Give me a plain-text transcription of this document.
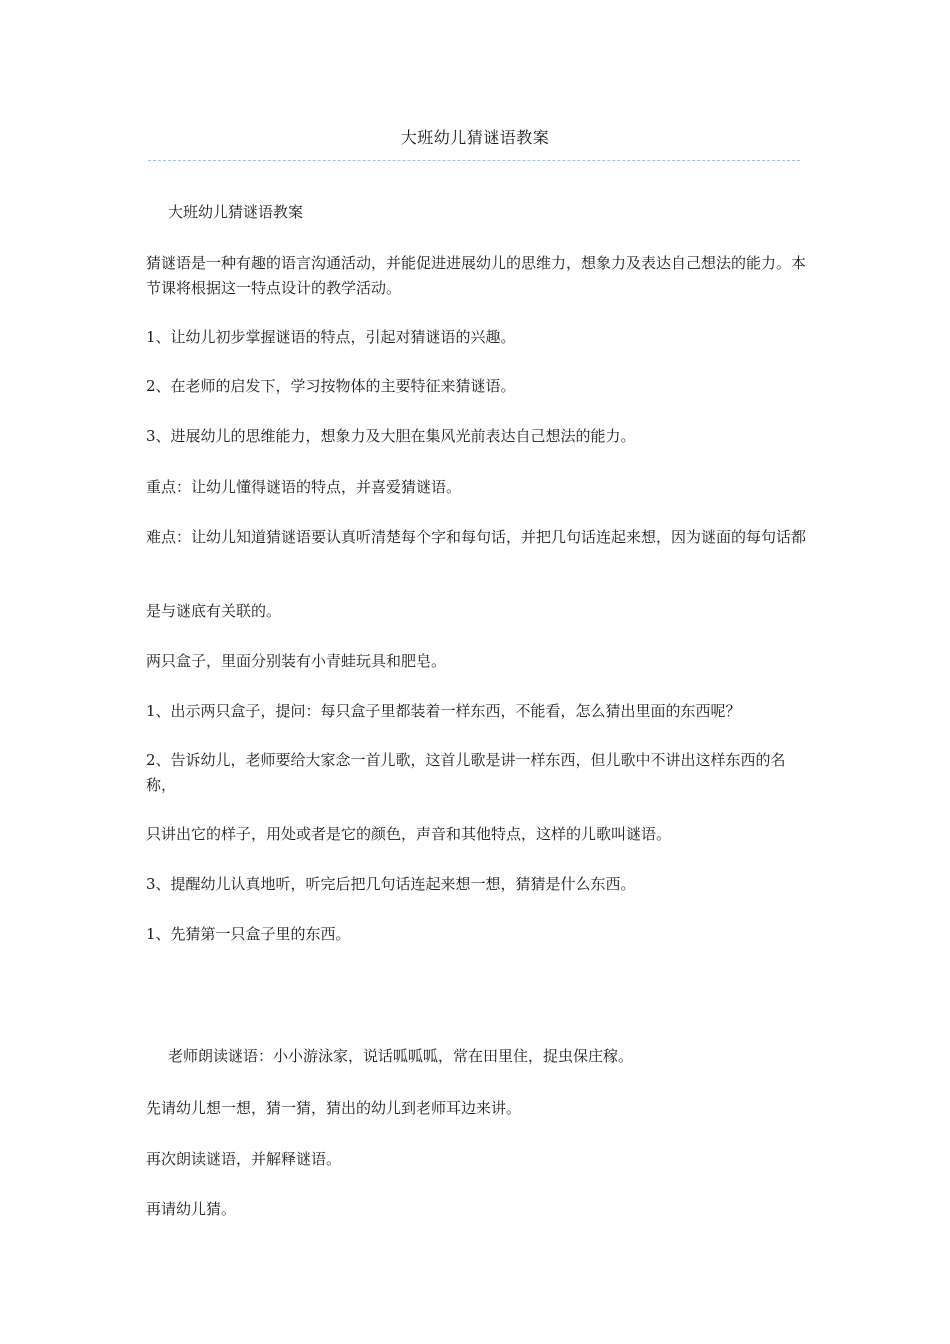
大班幼儿猜谜语教案

大班幼儿猜谜语教案

猜谜语是一种有趣的语言沟通活动，并能促进进展幼儿的思维力，想象力及表达自己想法的能力。本节课将根据这一特点设计的教学活动。

1、让幼儿初步掌握谜语的特点，引起对猜谜语的兴趣。

2、在老师的启发下，学习按物体的主要特征来猜谜语。

3、进展幼儿的思维能力，想象力及大胆在集风光前表达自己想法的能力。

重点：让幼儿懂得谜语的特点，并喜爱猜谜语。

难点：让幼儿知道猜谜语要认真听清楚每个字和每句话，并把几句话连起来想，因为谜面的每句话都

是与谜底有关联的。

两只盒子，里面分别装有小青蛙玩具和肥皂。

1、出示两只盒子，提问：每只盒子里都装着一样东西，不能看，怎么猜出里面的东西呢？

2、告诉幼儿，老师要给大家念一首儿歌，这首儿歌是讲一样东西，但儿歌中不讲出这样东西的名称，

只讲出它的样子，用处或者是它的颜色，声音和其他特点，这样的儿歌叫谜语。

3、提醒幼儿认真地听，听完后把几句话连起来想一想，猜猜是什么东西。

1、先猜第一只盒子里的东西。

老师朗读谜语：小小游泳家，说话呱呱呱，常在田里住，捉虫保庄稼。

先请幼儿想一想，猜一猜，猜出的幼儿到老师耳边来讲。

再次朗读谜语，并解释谜语。

再请幼儿猜。
